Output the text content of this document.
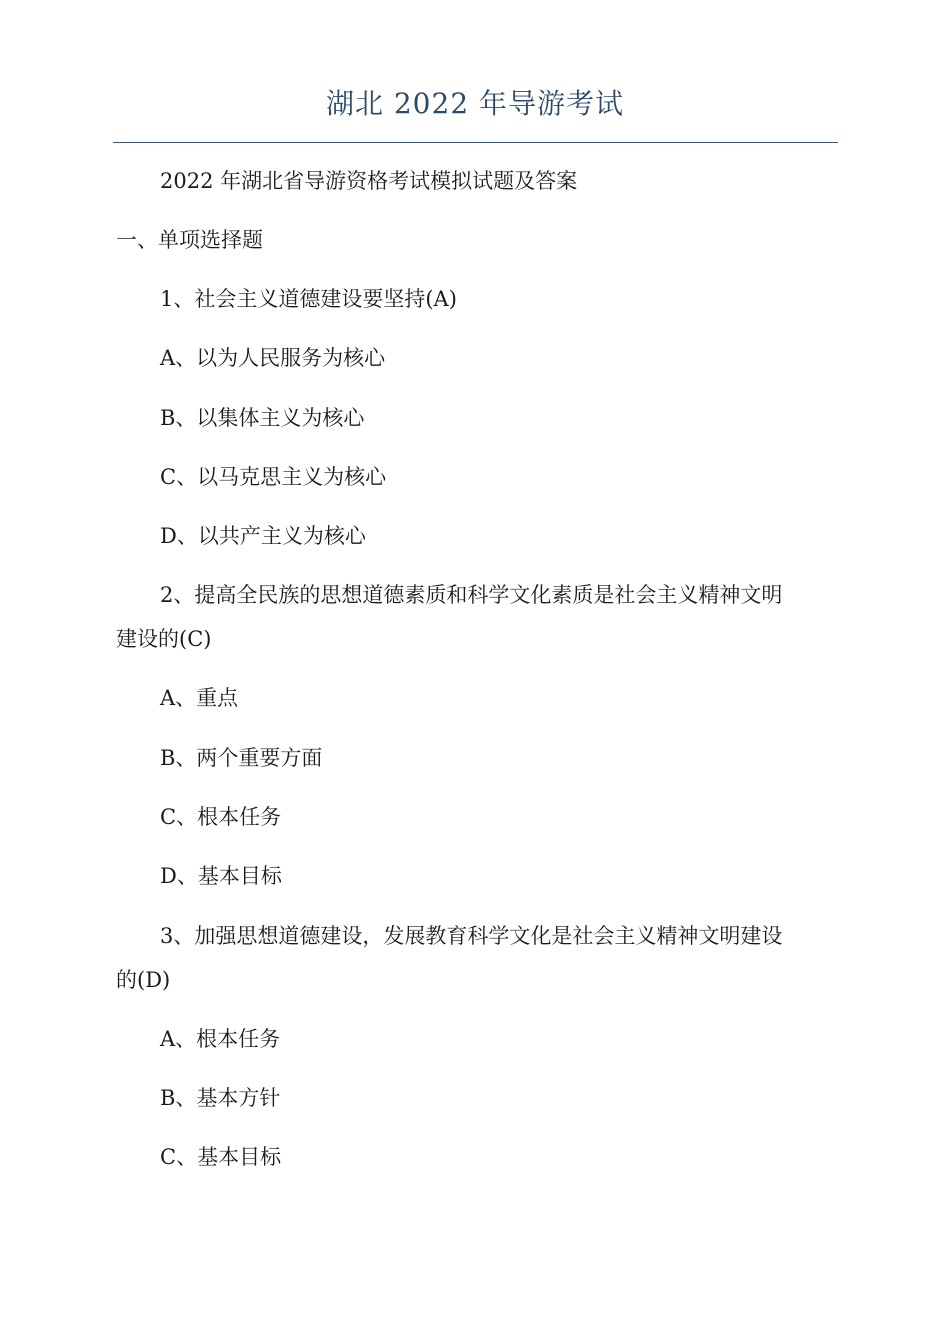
湖北 2022 年导游考试
2022 年湖北省导游资格考试模拟试题及答案
一、单项选择题
1、社会主义道德建设要坚持(A)
A、以为人民服务为核心
B、以集体主义为核心
C、以马克思主义为核心
D、以共产主义为核心
2、提高全民族的思想道德素质和科学文化素质是社会主义精神文明
建设的(C)
A、重点
B、两个重要方面
C、根本任务
D、基本目标
3、加强思想道德建设，发展教育科学文化是社会主义精神文明建设
的(D)
A、根本任务
B、基本方针
C、基本目标
